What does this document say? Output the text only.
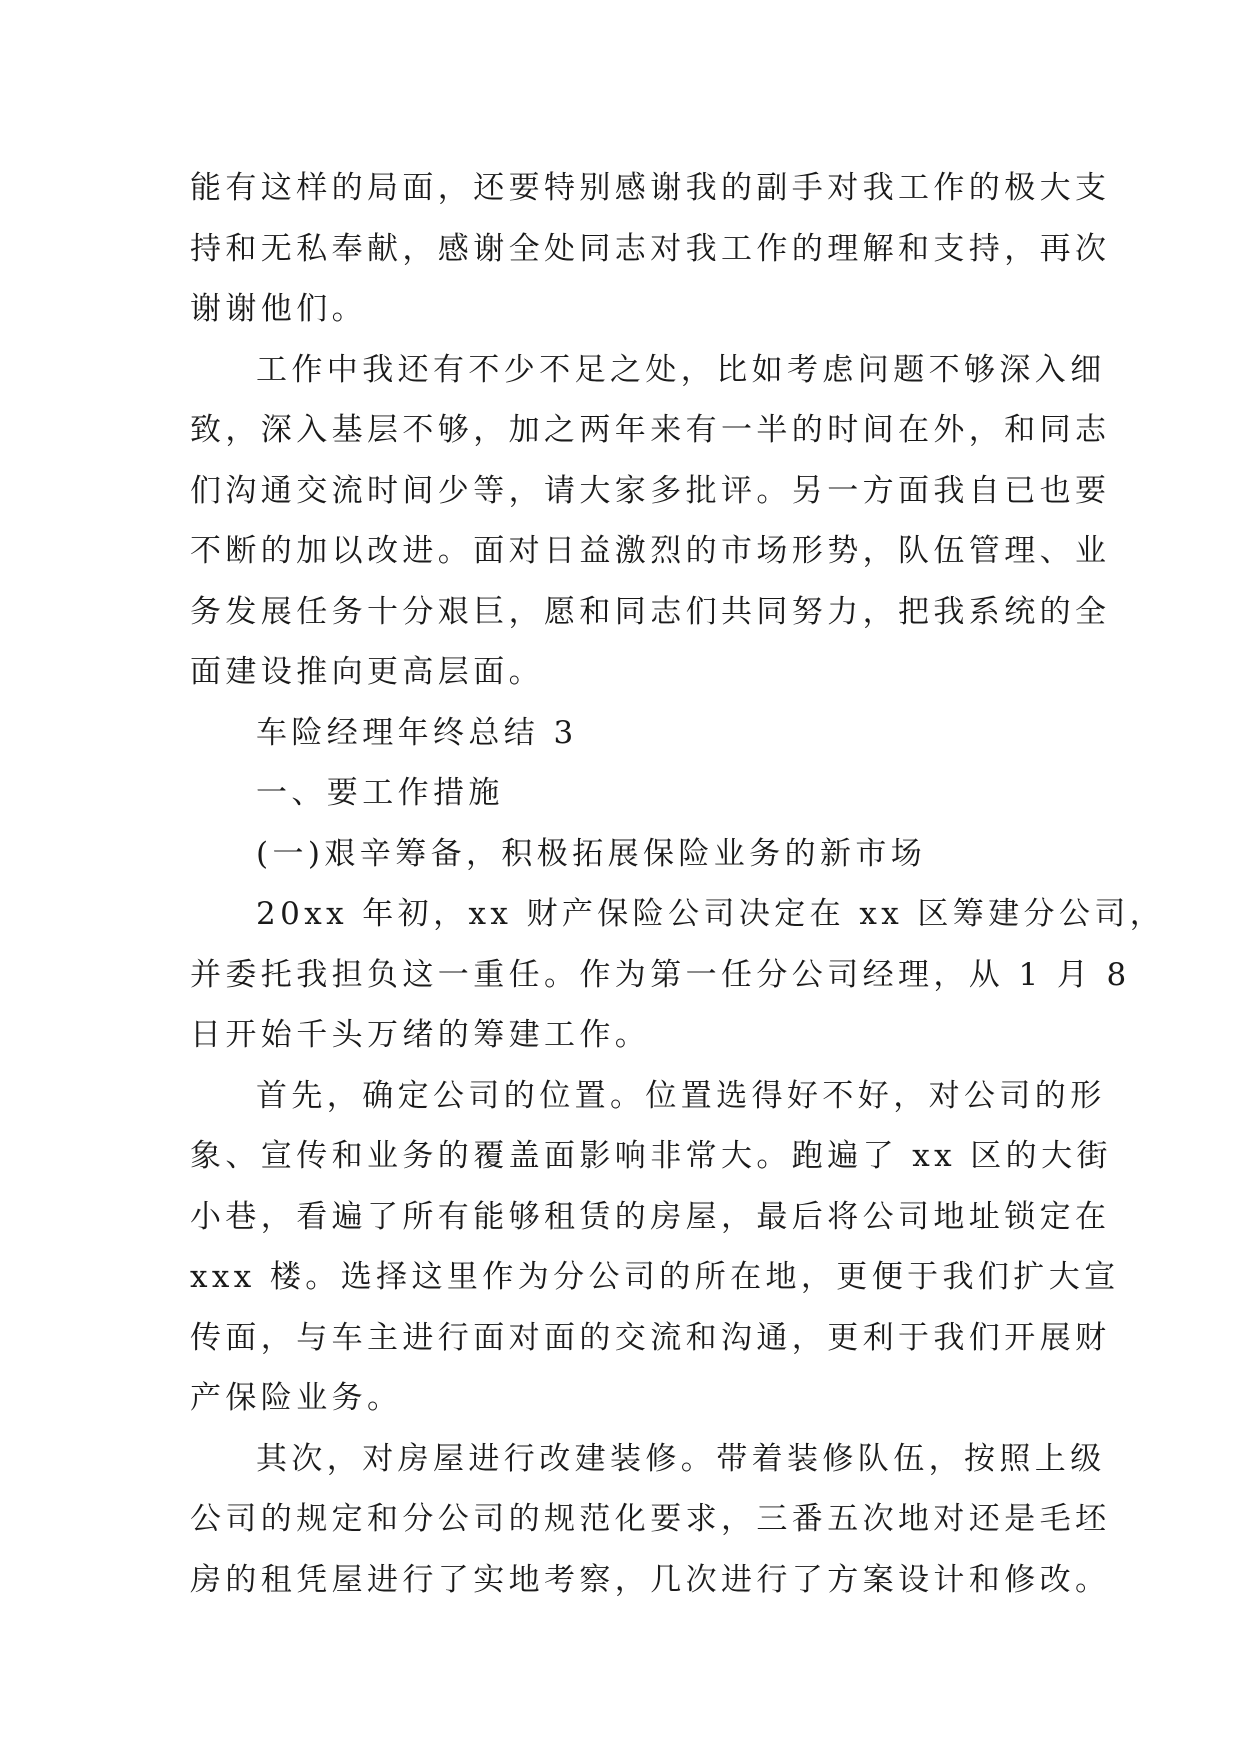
能有这样的局面，还要特别感谢我的副手对我工作的极大支
持和无私奉献，感谢全处同志对我工作的理解和支持，再次
谢谢他们。
工作中我还有不少不足之处，比如考虑问题不够深入细
致，深入基层不够，加之两年来有一半的时间在外，和同志
们沟通交流时间少等，请大家多批评。另一方面我自已也要
不断的加以改进。面对日益激烈的市场形势，队伍管理、业
务发展任务十分艰巨，愿和同志们共同努力，把我系统的全
面建设推向更高层面。
车险经理年终总结 3
一、要工作措施
(一)艰辛筹备，积极拓展保险业务的新市场
20xx 年初，xx 财产保险公司决定在 xx 区筹建分公司，
并委托我担负这一重任。作为第一任分公司经理，从 1 月 8
日开始千头万绪的筹建工作。
首先，确定公司的位置。位置选得好不好，对公司的形
象、宣传和业务的覆盖面影响非常大。跑遍了 xx 区的大街
小巷，看遍了所有能够租赁的房屋，最后将公司地址锁定在
xxx 楼。选择这里作为分公司的所在地，更便于我们扩大宣
传面，与车主进行面对面的交流和沟通，更利于我们开展财
产保险业务。
其次，对房屋进行改建装修。带着装修队伍，按照上级
公司的规定和分公司的规范化要求，三番五次地对还是毛坯
房的租凭屋进行了实地考察，几次进行了方案设计和修改。
